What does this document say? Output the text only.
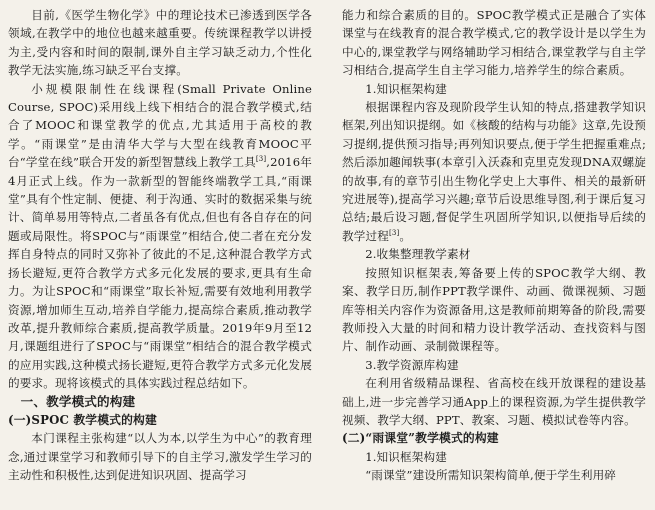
目前,《医学生物化学》中的理论技术已渗透到医学各领域,在教学中的地位也越来越重要。传统课程教学以讲授为主,受内容和时间的限制,课外自主学习缺乏动力,个性化教学无法实施,练习缺乏平台支撑。

小规模限制性在线课程(Small Private Online Course, SPOC)采用线上线下相结合的混合教学模式,结合了MOOC和课堂教学的优点,尤其适用于高校的教学。“雨课堂”是由清华大学与大型在线教育MOOC平台“学堂在线”联合开发的新型智慧线上教学工具[3],2016年4月正式上线。作为一款新型的智能终端教学工具,“雨课堂”具有个性定制、便捷、利于沟通、实时的数据采集与统计、简单易用等特点,二者虽各有优点,但也有各自存在的问题或局限性。将SPOC与“雨课堂”相结合,使二者在充分发挥自身特点的同时又弥补了彼此的不足,这种混合教学方式扬长避短,更符合教学方式多元化发展的要求,更具有生命力。为让SPOC和“雨课堂”取长补短,需要有效地利用教学资源,增加师生互动,培养自学能力,提高综合素质,推动教学改革,提升教师综合素质,提高教学质量。2019年9月至12月,课题组进行了SPOC与“雨课堂”相结合的混合教学模式的应用实践,这种模式扬长避短,更符合教学方式多元化发展的要求。现将该模式的具体实践过程总结如下。

一、教学模式的构建

(一)SPOC 教学模式的构建

本门课程主张构建“以人为本,以学生为中心”的教育理念,通过课堂学习和教师引导下的自主学习,激发学生学习的主动性和积极性,达到促进知识巩固、提高学习

能力和综合素质的目的。SPOC教学模式正是融合了实体课堂与在线教育的混合教学模式,它的教学设计是以学生为中心的,课堂教学与网络辅助学习相结合,课堂教学与自主学习相结合,提高学生自主学习能力,培养学生的综合素质。

1.知识框架构建

根据课程内容及现阶段学生认知的特点,搭建教学知识框架,列出知识提纲。如《核酸的结构与功能》这章,先设预习提纲,提供预习指导;再列知识要点,便于学生把握重难点;然后添加趣闻轶事(本章引入沃森和克里克发现DNA双螺旋的故事,有的章节引出生物化学史上大事件、相关的最新研究进展等),提高学习兴趣;章节后设思维导图,利于课后复习总结;最后设习题,督促学生巩固所学知识,以便指导后续的教学过程[3]。

2.收集整理教学素材

按照知识框架表,筹备要上传的SPOC教学大纲、教案、教学日历,制作PPT教学课件、动画、微课视频、习题库等相关内容作为资源备用,这是教师前期筹备的阶段,需要教师投入大量的时间和精力设计教学活动、查找资料与图片、制作动画、录制微课程等。

3.教学资源库构建

在利用省级精品课程、省高校在线开放课程的建设基础上,进一步完善学习通App上的课程资源,为学生提供教学视频、教学大纲、PPT、教案、习题、模拟试卷等内容。

(二)“雨课堂”教学模式的构建

1.知识框架构建

“雨课堂”建设所需知识架构简单,便于学生利用碎
